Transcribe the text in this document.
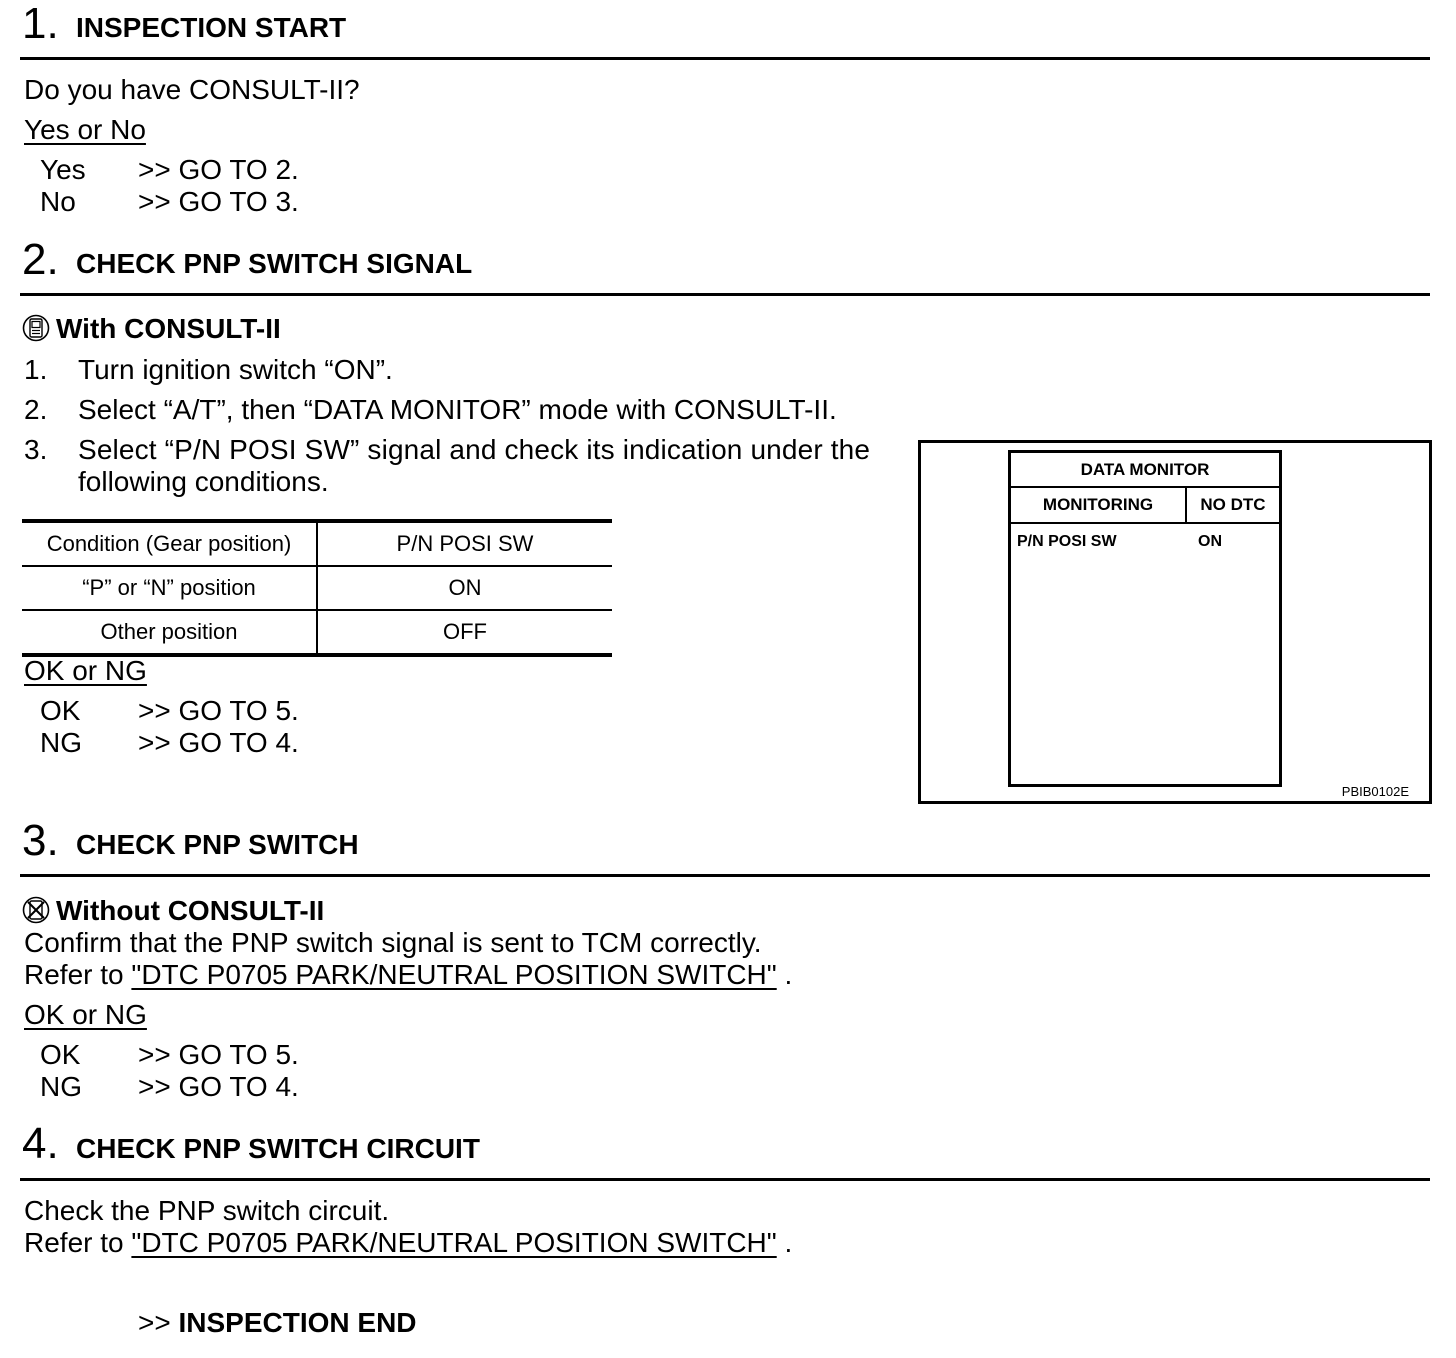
1. INSPECTION START
Do you have CONSULT-II?
Yes or No
Yes >> GO TO 2.
No >> GO TO 3.
2. CHECK PNP SWITCH SIGNAL
With CONSULT-II
1. Turn ignition switch “ON”.
2. Select “A/T”, then “DATA MONITOR” mode with CONSULT-II.
3. Select “P/N POSI SW” signal and check its indication under the
following conditions.
Condition (Gear position)	P/N POSI SW
“P” or “N” position	ON
Other position	OFF
OK or NG
OK >> GO TO 5.
NG >> GO TO 4.
DATA MONITOR
MONITORING	NO DTC
P/N POSI SW	ON
PBIB0102E
3. CHECK PNP SWITCH
Without CONSULT-II
Confirm that the PNP switch signal is sent to TCM correctly.
Refer to "DTC P0705 PARK/NEUTRAL POSITION SWITCH" .
OK or NG
OK >> GO TO 5.
NG >> GO TO 4.
4. CHECK PNP SWITCH CIRCUIT
Check the PNP switch circuit.
Refer to "DTC P0705 PARK/NEUTRAL POSITION SWITCH" .
>> INSPECTION END
